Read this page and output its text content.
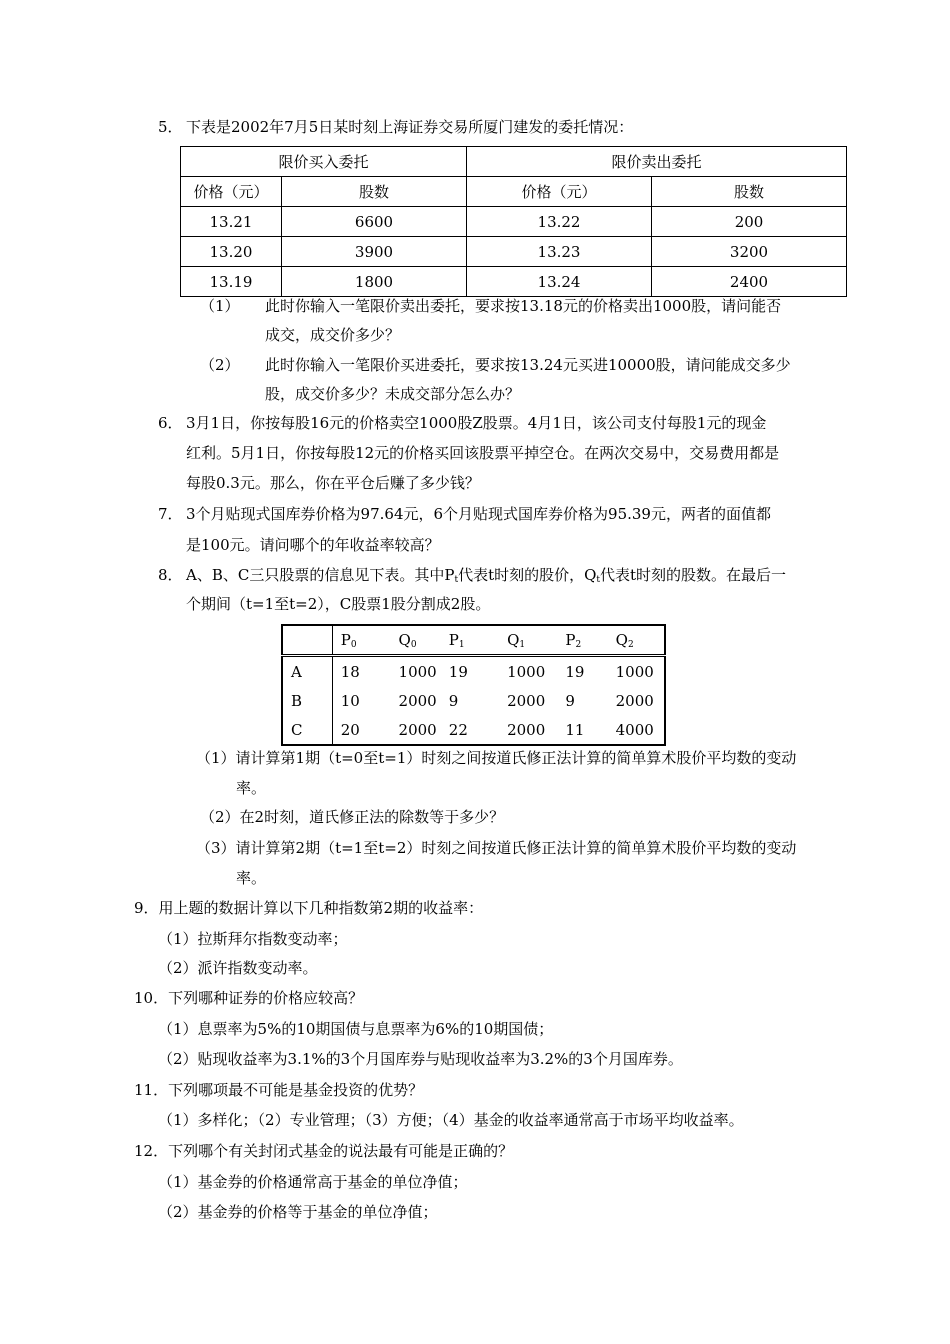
5． 下表是2002年7月5日某时刻上海证券交易所厦门建发的委托情况：
限价买入委托		限价卖出委托	
价格（元）	股数	价格（元）	股数
13.21	6600	13.22	200
13.20	3900	13.23	3200
13.19	1800	13.24	2400
（1） 此时你输入一笔限价卖出委托，要求按13.18元的价格卖出1000股，请问能否
成交，成交价多少？
（2） 此时你输入一笔限价买进委托，要求按13.24元买进10000股，请问能成交多少
股，成交价多少？未成交部分怎么办？
6． 3月1日，你按每股16元的价格卖空1000股Z股票。4月1日，该公司支付每股1元的现金
红利。5月1日，你按每股12元的价格买回该股票平掉空仓。在两次交易中，交易费用都是
每股0.3元。那么，你在平仓后赚了多少钱？
7． 3个月贴现式国库券价格为97.64元，6个月贴现式国库券价格为95.39元，两者的面值都
是100元。请问哪个的年收益率较高？
8． A、B、C三只股票的信息见下表。其中$P_t$代表t时刻的股价，$Q_t$代表t时刻的股数。在最后一
个期间（t=1至t=2），C股票1股分割成2股。
	$P_0$	$Q_0$	$P_1$	$Q_1$	$P_2$	$Q_2$
A	18	1000	19	1000	19	1000
B	10	2000	9	2000	9	2000
C	20	2000	22	2000	11	4000
（1）请计算第1期（t=0至t=1）时刻之间按道氏修正法计算的简单算术股价平均数的变动
率。
（2）在2时刻，道氏修正法的除数等于多少？
（3）请计算第2期（t=1至t=2）时刻之间按道氏修正法计算的简单算术股价平均数的变动
率。
9．用上题的数据计算以下几种指数第2期的收益率：
（1）拉斯拜尔指数变动率；
（2）派许指数变动率。
10．下列哪种证券的价格应较高？
（1）息票率为5%的10期国债与息票率为6%的10期国债；
（2）贴现收益率为3.1%的3个月国库券与贴现收益率为3.2%的3个月国库券。
11．下列哪项最不可能是基金投资的优势？
（1）多样化；（2）专业管理；（3）方便；（4）基金的收益率通常高于市场平均收益率。
12．下列哪个有关封闭式基金的说法最有可能是正确的？
（1）基金券的价格通常高于基金的单位净值；
（2）基金券的价格等于基金的单位净值；
